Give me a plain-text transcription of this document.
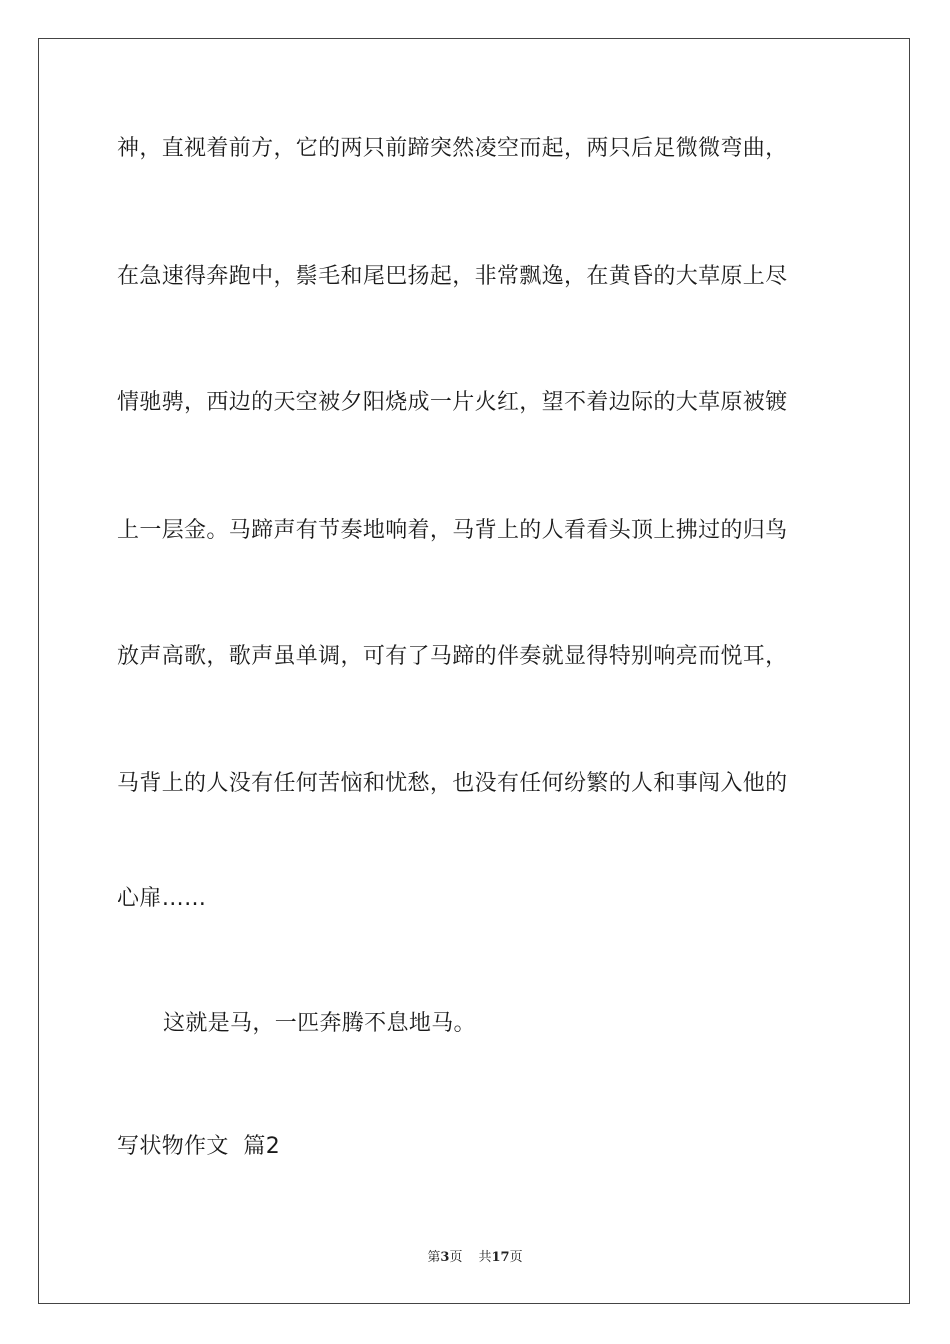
神，直视着前方，它的两只前蹄突然凌空而起，两只后足微微弯曲，
在急速得奔跑中，鬃毛和尾巴扬起，非常飘逸，在黄昏的大草原上尽
情驰骋，西边的天空被夕阳烧成一片火红，望不着边际的大草原被镀
上一层金。马蹄声有节奏地响着，马背上的人看看头顶上拂过的归鸟
放声高歌，歌声虽单调，可有了马蹄的伴奏就显得特别响亮而悦耳，
马背上的人没有任何苦恼和忧愁，也没有任何纷繁的人和事闯入他的
心扉……
这就是马，一匹奔腾不息地马。
写状物作文  篇2
第3页 共17页
